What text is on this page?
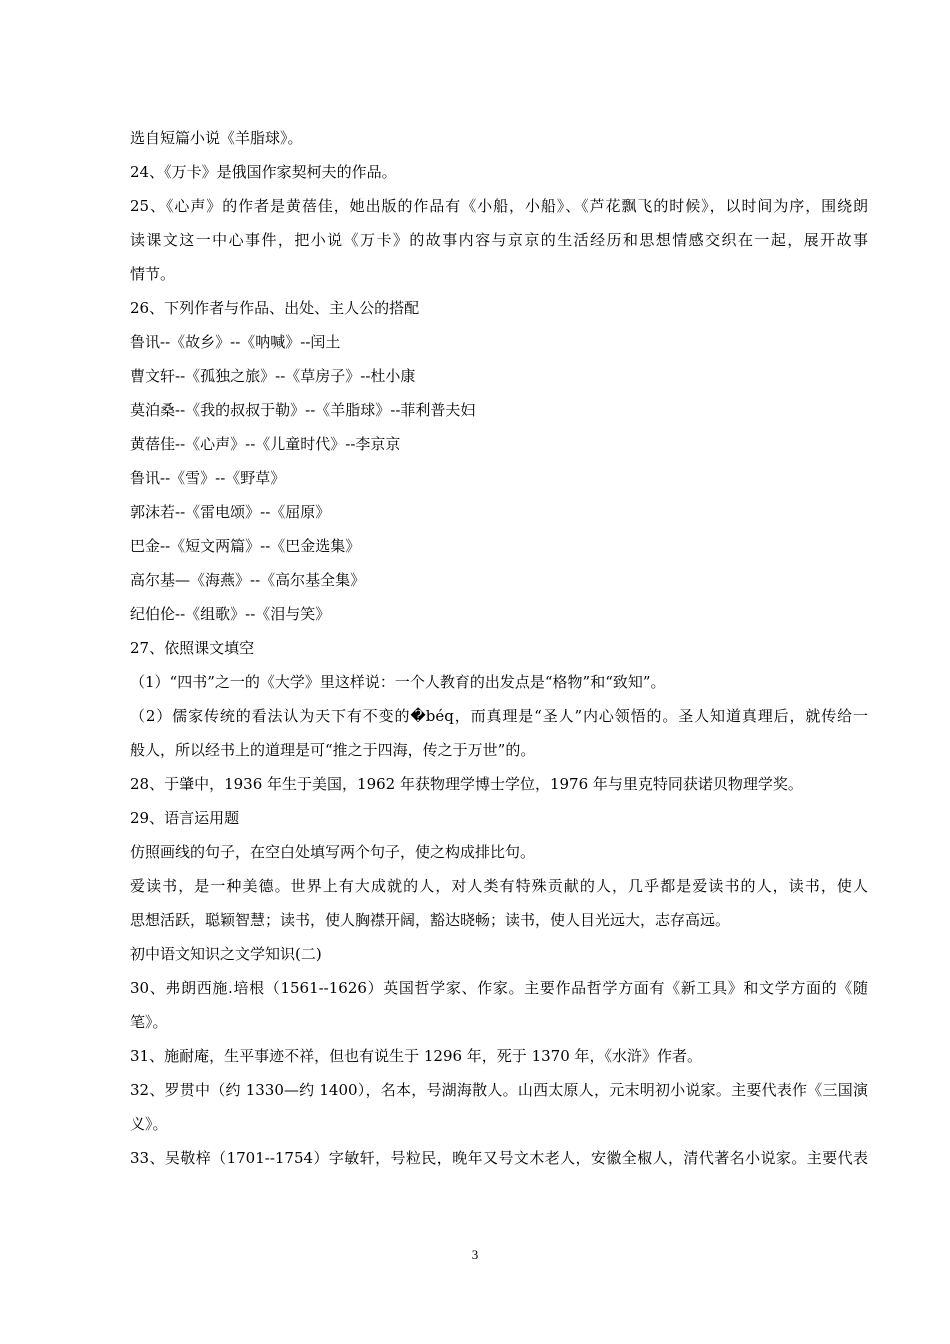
选自短篇小说《羊脂球》。
24、《万卡》是俄国作家契柯夫的作品。
25、《心声》的作者是黄蓓佳，她出版的作品有《小船，小船》、《芦花飘飞的时候》，以时间为序，围绕朗
读课文这一中心事件，把小说《万卡》的故事内容与京京的生活经历和思想情感交织在一起，展开故事
情节。
26、下列作者与作品、出处、主人公的搭配
鲁讯--《故乡》--《呐喊》--闰土
曹文轩--《孤独之旅》--《草房子》--杜小康
莫泊桑--《我的叔叔于勒》--《羊脂球》--菲利普夫妇
黄蓓佳--《心声》--《儿童时代》--李京京
鲁讯--《雪》--《野草》
郭沫若--《雷电颂》--《屈原》
巴金--《短文两篇》--《巴金选集》
高尔基—《海燕》--《高尔基全集》
纪伯伦--《组歌》--《泪与笑》
27、依照课文填空
（1）“四书”之一的《大学》里这样说：一个人教育的出发点是“格物”和“致知”。
（2）儒家传统的看法认为天下有不变的�béq，而真理是“圣人”内心领悟的。圣人知道真理后，就传给一
般人，所以经书上的道理是可“推之于四海，传之于万世”的。
28、于肇中，1936 年生于美国，1962 年获物理学博士学位，1976 年与里克特同获诺贝物理学奖。
29、语言运用题
仿照画线的句子，在空白处填写两个句子，使之构成排比句。
爱读书，是一种美德。世界上有大成就的人，对人类有特殊贡献的人，几乎都是爱读书的人，读书，使人
思想活跃，聪颖智慧；读书，使人胸襟开阔，豁达晓畅；读书，使人目光远大，志存高远。
初中语文知识之文学知识(二)
30、弗朗西施.培根（1561--1626）英国哲学家、作家。主要作品哲学方面有《新工具》和文学方面的《随
笔》。
31、施耐庵，生平事迹不祥，但也有说生于 1296 年，死于 1370 年，《水浒》作者。
32、罗贯中（约 1330—约 1400），名本，号湖海散人。山西太原人，元末明初小说家。主要代表作《三国演
义》。
33、吴敬梓（1701--1754）字敏轩，号粒民，晚年又号文木老人，安徽全椒人，清代著名小说家。主要代表
3
